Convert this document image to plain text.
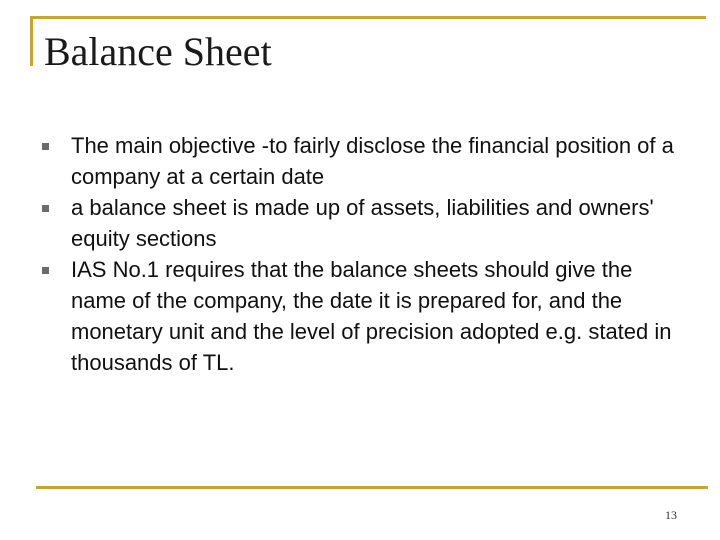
Balance Sheet
The main objective -to fairly disclose the financial position of a company at a certain date
a balance sheet is made up of assets, liabilities and owners' equity sections
IAS No.1 requires that the balance sheets should give the name of the company, the date it is prepared for, and the monetary unit and the level of precision adopted e.g. stated in thousands of TL.
13
